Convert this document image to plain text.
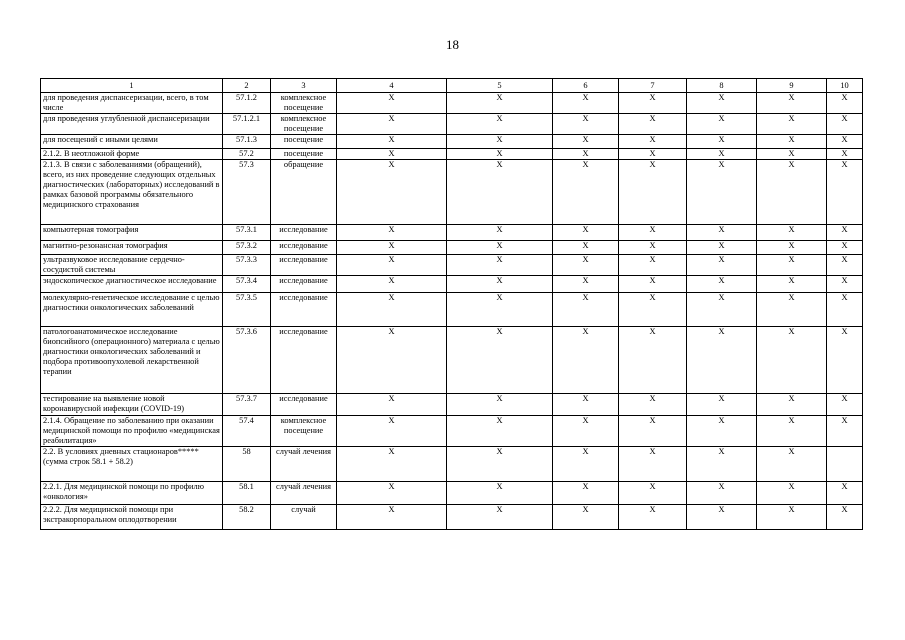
18
1	2	3	4	5	6	7	8	9	10
для проведения диспансеризации, всего, в том числе	57.1.2	комплексное посещение	X	X	X	X	X	X	X
для проведения углубленной диспансеризации	57.1.2.1	комплексное посещение	X	X	X	X	X	X	X
для посещений с иными целями	57.1.3	посещение	X	X	X	X	X	X	X
2.1.2. В неотложной форме	57.2	посещение	X	X	X	X	X	X	X
2.1.3. В связи с заболеваниями (обращений), всего, из них проведение следующих отдельных диагностических (лабораторных) исследований в рамках базовой программы обязательного медицинского страхования	57.3	обращение	X	X	X	X	X	X	X
компьютерная томография	57.3.1	исследование	X	X	X	X	X	X	X
магнитно-резонансная томография	57.3.2	исследование	X	X	X	X	X	X	X
ультразвуковое исследование сердечно-сосудистой системы	57.3.3	исследование	X	X	X	X	X	X	X
эндоскопическое диагностическое исследование	57.3.4	исследование	X	X	X	X	X	X	X
молекулярно-генетическое исследование с целью диагностики онкологических заболеваний	57.3.5	исследование	X	X	X	X	X	X	X
патологоанатомическое исследование биопсийного (операционного) материала с целью диагностики онкологических заболеваний и подбора противоопухолевой лекарственной терапии	57.3.6	исследование	X	X	X	X	X	X	X
тестирование на выявление новой коронавирусной инфекции (COVID-19)	57.3.7	исследование	X	X	X	X	X	X	X
2.1.4. Обращение по заболеванию при оказании медицинской помощи по профилю «медицинская реабилитация»	57.4	комплексное посещение	X	X	X	X	X	X	X
2.2. В условиях дневных стационаров***** (сумма строк 58.1 + 58.2)	58	случай лечения	X	X	X	X	X	X	
2.2.1. Для медицинской помощи по профилю «онкология»	58.1	случай лечения	X	X	X	X	X	X	X
2.2.2. Для медицинской помощи при экстракорпоральном оплодотворении	58.2	случай	X	X	X	X	X	X	X
